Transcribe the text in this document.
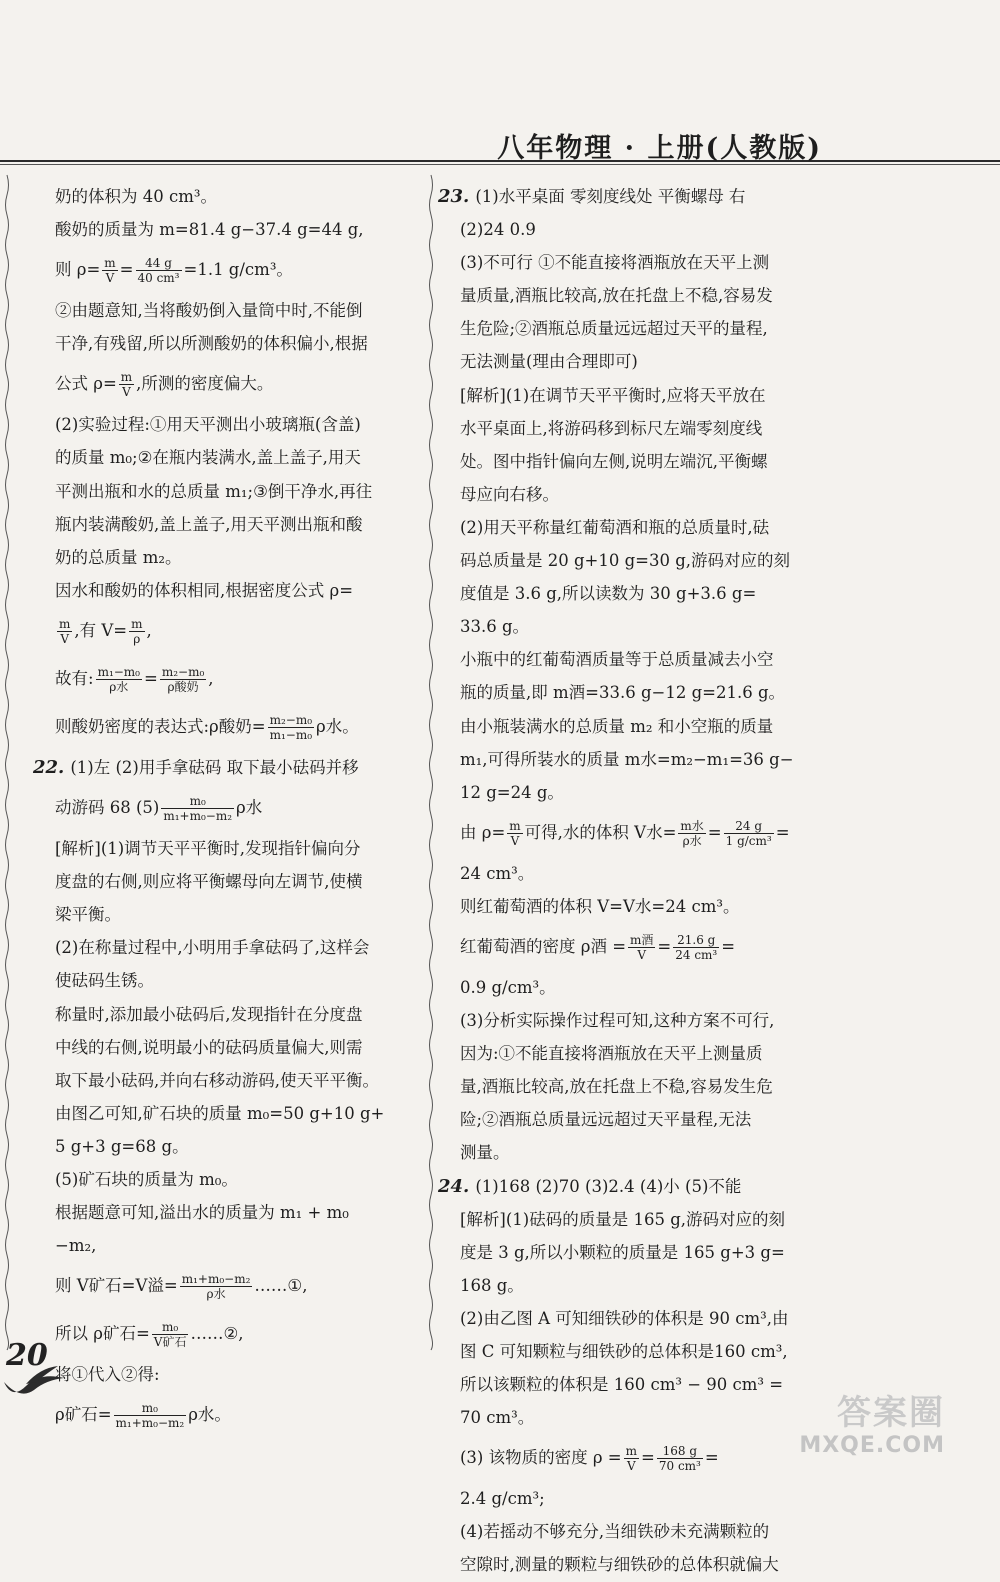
八年物理 · 上册(人教版)
奶的体积为 40 cm³。
酸奶的质量为 m=81.4 g−37.4 g=44 g,
则 $\rho= \frac{m}{V} = \frac{44 g}{\text{40 cm³}} =1.1$ g/cm³。
②由题意知,当将酸奶倒入量筒中时,不能倒
干净,有残留,所以所测酸奶的体积偏小,根据
公式 $\rho= \frac{m}{V}$ ,所测的密度偏大。
(2)实验过程:①用天平测出小玻璃瓶(含盖)
的质量 m₀;②在瓶内装满水,盖上盖子,用天
平测出瓶和水的总质量 m₁;③倒干净水,再往
瓶内装满酸奶,盖上盖子,用天平测出瓶和酸
奶的总质量 m₂。
因水和酸奶的体积相同,根据密度公式 ρ=
$\frac{m}{V}$ ,有 $V= \frac{m}{\rho}$ ,
故有: $\frac{\text{m₁−m₀}}{\text{ρ水}} = \frac{\text{m₂−m₀}}{\text{ρ酸奶}}$ ,
则酸奶密度的表达式:ρ酸奶= $\frac{\text{m₂−m₀}}{\text{m₁−m₀}}$ ρ水。
22. (1)左 (2)用手拿砝码 取下最小砝码并移
动游码 68 $(5) \frac{\text{m₀}}{\text{m₁+m₀−m₂}}$ ρ水
[解析](1)调节天平平衡时,发现指针偏向分
度盘的右侧,则应将平衡螺母向左调节,使横
梁平衡。
(2)在称量过程中,小明用手拿砝码了,这样会
使砝码生锈。
称量时,添加最小砝码后,发现指针在分度盘
中线的右侧,说明最小的砝码质量偏大,则需
取下最小砝码,并向右移动游码,使天平平衡。
由图乙可知,矿石块的质量 m₀=50 g+10 g+
5 g+3 g=68 g。
(5)矿石块的质量为 m₀。
根据题意可知,溢出水的质量为 m₁ + m₀
−m₂,
则 V矿石=V溢= $\frac{\text{m₁+m₀−m₂}}{\text{ρ水}}$ ……①,
所以 ρ矿石= $\frac{\text{m₀}}{\text{V矿石}}$ ……②,
将①代入②得:
ρ矿石= $\frac{\text{m₀}}{\text{m₁+m₀−m₂}}$ ρ水。
23. (1)水平桌面 零刻度线处 平衡螺母 右
(2)24 0.9
(3)不可行 ①不能直接将酒瓶放在天平上测
量质量,酒瓶比较高,放在托盘上不稳,容易发
生危险;②酒瓶总质量远远超过天平的量程,
无法测量(理由合理即可)
[解析](1)在调节天平平衡时,应将天平放在
水平桌面上,将游码移到标尺左端零刻度线
处。图中指针偏向左侧,说明左端沉,平衡螺
母应向右移。
(2)用天平称量红葡萄酒和瓶的总质量时,砝
码总质量是 20 g+10 g=30 g,游码对应的刻
度值是 3.6 g,所以读数为 30 g+3.6 g=
33.6 g。
小瓶中的红葡萄酒质量等于总质量减去小空
瓶的质量,即 m酒=33.6 g−12 g=21.6 g。
由小瓶装满水的总质量 m₂ 和小空瓶的质量
m₁,可得所装水的质量 m水=m₂−m₁=36 g−
12 g=24 g。
由 $\rho= \frac{m}{V}$ 可得,水的体积 V水= $\frac{\text{m水}}{\text{ρ水}} = \frac{24 g}{\text{1 g/cm³}}$ =
24 cm³。
则红葡萄酒的体积 V=V水=24 cm³。
红葡萄酒的密度 ρ酒 = $\frac{\text{m酒}}{V} = \frac{21.6 g}{\text{24 cm³}}$ =
0.9 g/cm³。
(3)分析实际操作过程可知,这种方案不可行,
因为:①不能直接将酒瓶放在天平上测量质
量,酒瓶比较高,放在托盘上不稳,容易发生危
险;②酒瓶总质量远远超过天平量程,无法
测量。
24. (1)168 (2)70 (3)2.4 (4)小 (5)不能
[解析](1)砝码的质量是 165 g,游码对应的刻
度是 3 g,所以小颗粒的质量是 165 g+3 g=
168 g。
(2)由乙图 A 可知细铁砂的体积是 90 cm³,由
图 C 可知颗粒与细铁砂的总体积是160 cm³,
所以该颗粒的体积是 160 cm³ − 90 cm³ =
70 cm³。
(3) 该物质的密度 $\rho = \frac{m}{V} = \frac{168 g}{\text{70 cm³}}$ =
2.4 g/cm³;
(4)若摇动不够充分,当细铁砂未充满颗粒的
空隙时,测量的颗粒与细铁砂的总体积就偏大
20
答案圈
MXQE.COM
